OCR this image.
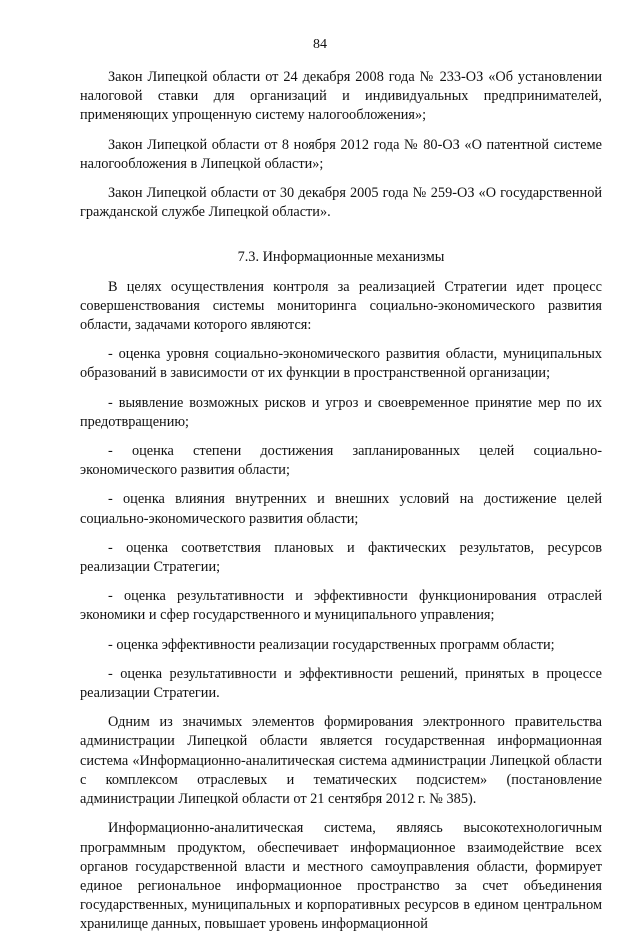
84

Закон Липецкой области от 24 декабря 2008 года № 233-ОЗ «Об установлении налоговой ставки для организаций и индивидуальных предпринимателей, применяющих упрощенную систему налогообложения»;

Закон Липецкой области от 8 ноября 2012 года № 80-ОЗ «О патентной системе налогообложения в Липецкой области»;

Закон Липецкой области от 30 декабря 2005 года № 259-ОЗ «О государственной гражданской службе Липецкой области».

7.3. Информационные механизмы

В целях осуществления контроля за реализацией Стратегии идет процесс совершенствования системы мониторинга социально-экономического развития области, задачами которого являются:

- оценка уровня социально-экономического развития области, муниципальных образований в зависимости от их функции в пространственной организации;

- выявление возможных рисков и угроз и своевременное принятие мер по их предотвращению;

- оценка степени достижения запланированных целей социально-экономического развития области;

- оценка влияния внутренних и внешних условий на достижение целей социально-экономического развития области;

- оценка соответствия плановых и фактических результатов, ресурсов реализации Стратегии;

- оценка результативности и эффективности функционирования отраслей экономики и сфер государственного и муниципального управления;

- оценка эффективности реализации государственных программ области;

- оценка результативности и эффективности решений, принятых в процессе реализации Стратегии.

Одним из значимых элементов формирования электронного правительства администрации Липецкой области является государственная информационная система «Информационно-аналитическая система администрации Липецкой области с комплексом отраслевых и тематических подсистем» (постановление администрации Липецкой области от 21 сентября 2012 г. № 385).

Информационно-аналитическая система, являясь высокотехнологичным программным продуктом, обеспечивает информационное взаимодействие всех органов государственной власти и местного самоуправления области, формирует единое региональное информационное пространство за счет объединения государственных, муниципальных и корпоративных ресурсов в едином центральном хранилище данных, повышает уровень информационной
